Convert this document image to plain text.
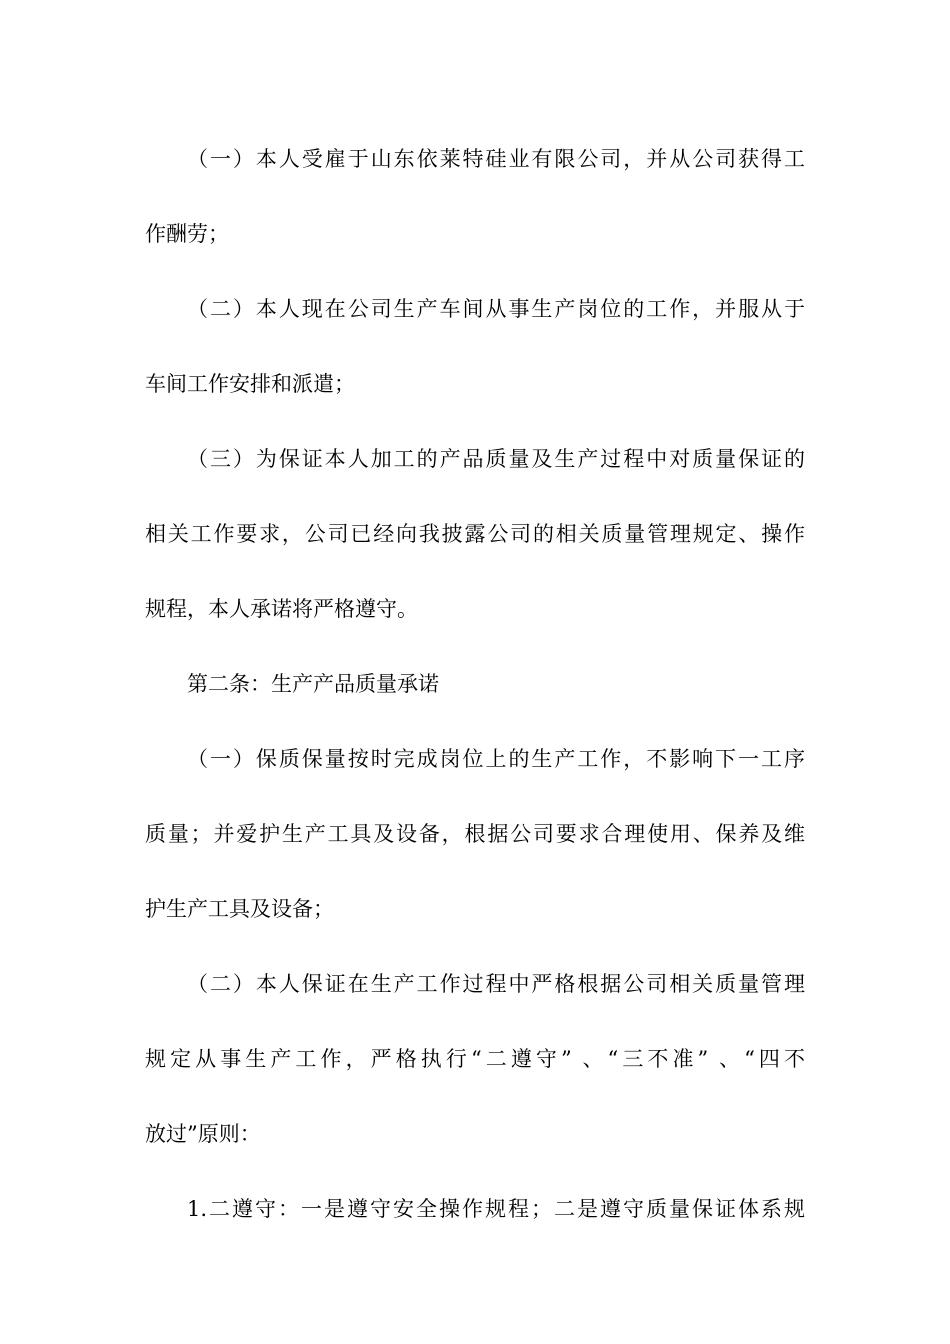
（一）本人受雇于山东依莱特硅业有限公司，并从公司获得工
作酬劳；
（二）本人现在公司生产车间从事生产岗位的工作，并服从于
车间工作安排和派遣；
（三）为保证本人加工的产品质量及生产过程中对质量保证的
相关工作要求，公司已经向我披露公司的相关质量管理规定、操作
规程，本人承诺将严格遵守。
第二条：生产产品质量承诺
（一）保质保量按时完成岗位上的生产工作，不影响下一工序
质量；并爱护生产工具及设备，根据公司要求合理使用、保养及维
护生产工具及设备；
（二）本人保证在生产工作过程中严格根据公司相关质量管理
规定从事生产工作，严格执行“二遵守” 、“三不准” 、“四不
放过”原则：
1.二遵守：一是遵守安全操作规程；二是遵守质量保证体系规
